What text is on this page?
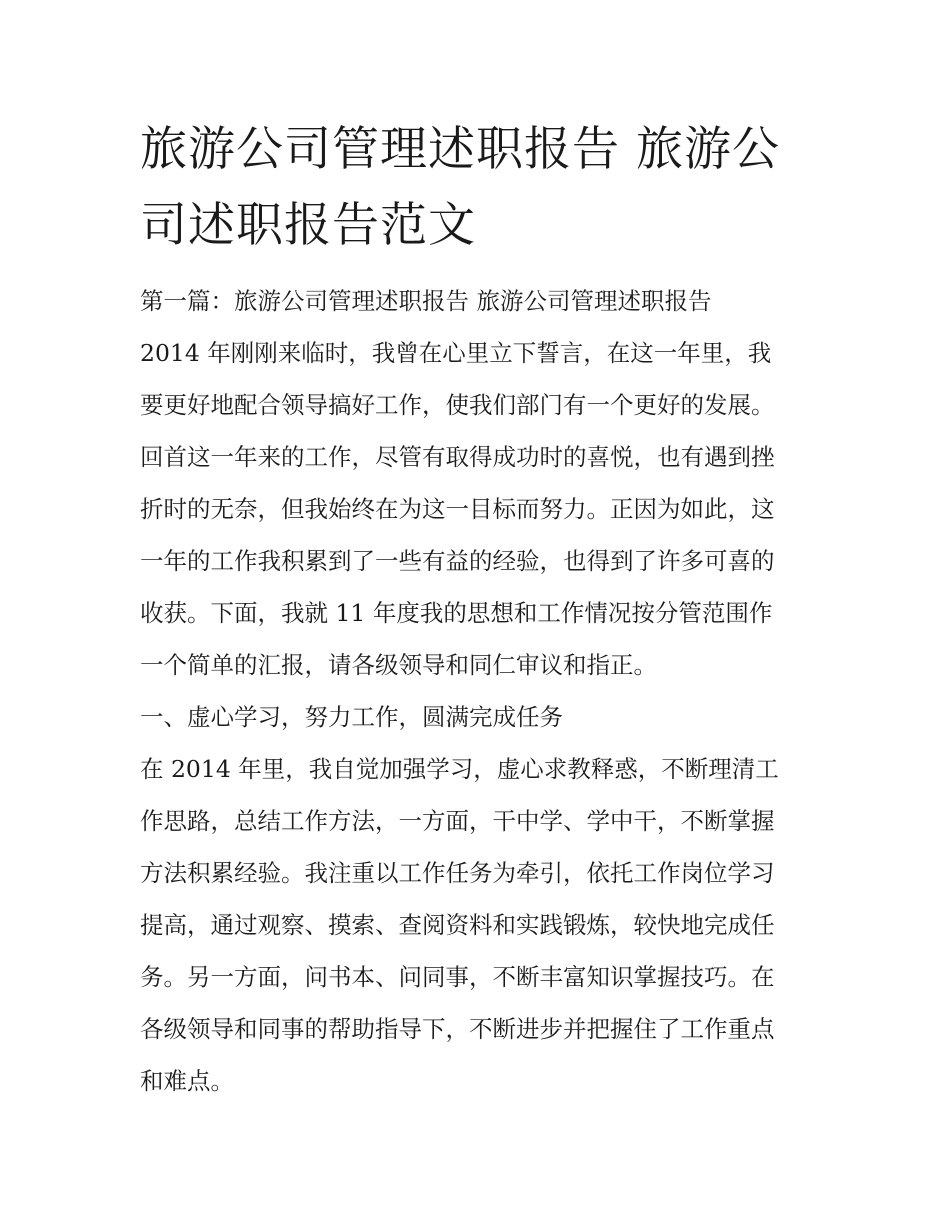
旅游公司管理述职报告 旅游公
司述职报告范文
第一篇：旅游公司管理述职报告 旅游公司管理述职报告
2014 年刚刚来临时，我曾在心里立下誓言，在这一年里，我
要更好地配合领导搞好工作，使我们部门有一个更好的发展。
回首这一年来的工作，尽管有取得成功时的喜悦，也有遇到挫
折时的无奈，但我始终在为这一目标而努力。正因为如此，这
一年的工作我积累到了一些有益的经验，也得到了许多可喜的
收获。下面，我就 11 年度我的思想和工作情况按分管范围作
一个简单的汇报，请各级领导和同仁审议和指正。
一、虚心学习，努力工作，圆满完成任务
在 2014 年里，我自觉加强学习，虚心求教释惑，不断理清工
作思路，总结工作方法，一方面，干中学、学中干，不断掌握
方法积累经验。我注重以工作任务为牵引，依托工作岗位学习
提高，通过观察、摸索、查阅资料和实践锻炼，较快地完成任
务。另一方面，问书本、问同事，不断丰富知识掌握技巧。在
各级领导和同事的帮助指导下，不断进步并把握住了工作重点
和难点。
